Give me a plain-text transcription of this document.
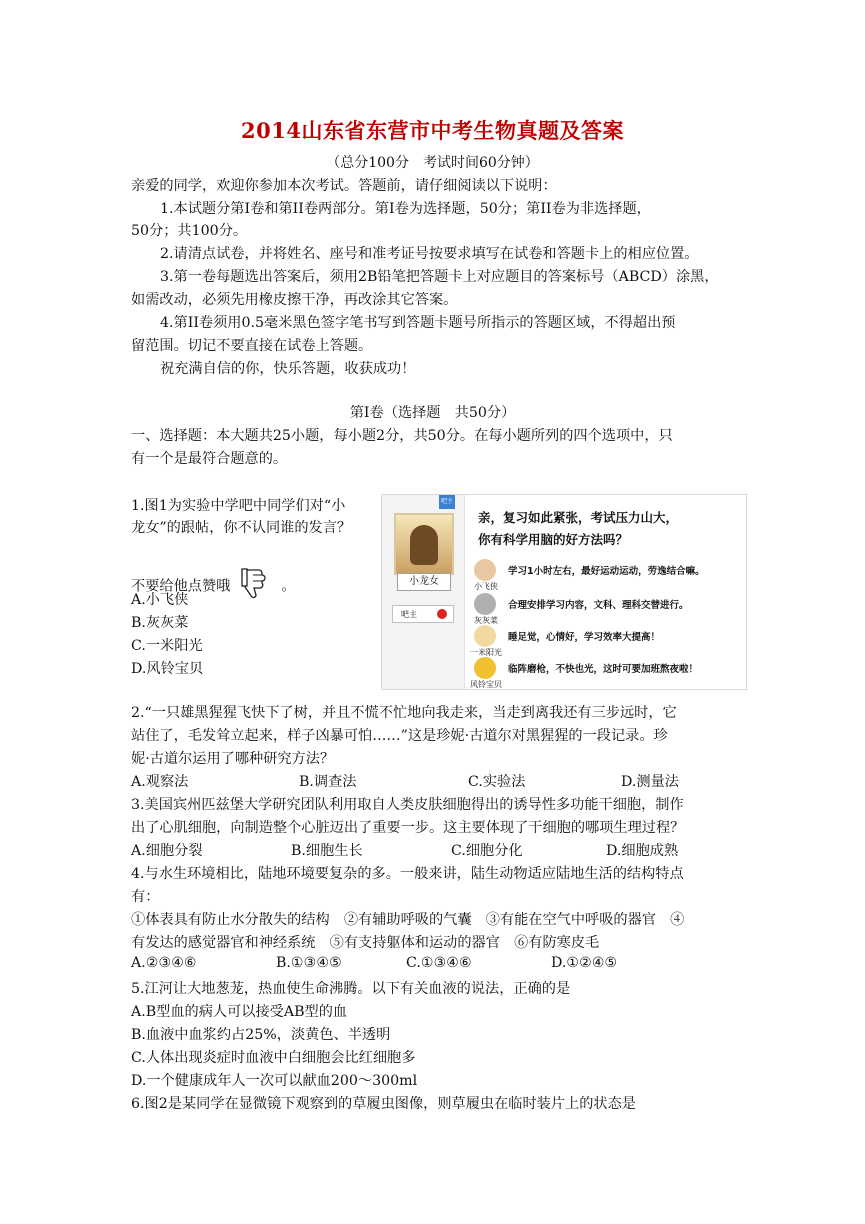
2014山东省东营市中考生物真题及答案
（总分100分　考试时间60分钟）
亲爱的同学，欢迎你参加本次考试。答题前，请仔细阅读以下说明：
1.本试题分第Ⅰ卷和第II卷两部分。第Ⅰ卷为选择题，50分；第II卷为非选择题，
50分；共100分。
2.请清点试卷，并将姓名、座号和准考证号按要求填写在试卷和答题卡上的相应位置。
3.第一卷每题选出答案后，须用2B铅笔把答题卡上对应题目的答案标号（ABCD）涂黑，
如需改动，必须先用橡皮擦干净，再改涂其它答案。
4.第II卷须用0.5毫米黑色签字笔书写到答题卡题号所指示的答题区域，不得超出预
留范围。切记不要直接在试卷上答题。
祝充满自信的你，快乐答题，收获成功！
第Ⅰ卷（选择题　共50分）
一、选择题：本大题共25小题，每小题2分，共50分。在每小题所列的四个选项中，只
有一个是最符合题意的。
1.图1为实验中学吧中同学们对“小
龙女”的跟帖，你不认同谁的发言？
不要给他点赞哦	。
A.小飞侠
B.灰灰菜
C.一米阳光
D.风铃宝贝
吧主
小龙女
吧主
亲，复习如此紧张，考试压力山大，
你有科学用脑的好方法吗？
小飞侠
学习1小时左右，最好运动运动，劳逸结合嘛。
灰灰菜
合理安排学习内容，文科、理科交替进行。
一米阳光
睡足觉，心情好，学习效率大提高！
风铃宝贝
临阵磨枪，不快也光，这时可要加班熬夜啦！
2.“一只雄黑猩猩飞快下了树，并且不慌不忙地向我走来，当走到离我还有三步远时，它
站住了，毛发耸立起来，样子凶暴可怕……”这是珍妮·古道尔对黑猩猩的一段记录。珍
妮·古道尔运用了哪种研究方法？
A.观察法	B.调查法	C.实验法	D.测量法
3.美国宾州匹兹堡大学研究团队利用取自人类皮肤细胞得出的诱导性多功能干细胞，制作
出了心肌细胞，向制造整个心脏迈出了重要一步。这主要体现了干细胞的哪项生理过程？
A.细胞分裂	B.细胞生长	C.细胞分化	D.细胞成熟
4.与水生环境相比，陆地环境要复杂的多。一般来讲，陆生动物适应陆地生活的结构特点
有：
①体表具有防止水分散失的结构　②有辅助呼吸的气囊　③有能在空气中呼吸的器官　④
有发达的感觉器官和神经系统　⑤有支持躯体和运动的器官　⑥有防寒皮毛
A.②③④⑥	B.①③④⑤	C.①③④⑥	D.①②④⑤
5.江河让大地葱茏，热血使生命沸腾。以下有关血液的说法，正确的是
A.B型血的病人可以接受AB型的血
B.血液中血浆约占25%，淡黄色、半透明
C.人体出现炎症时血液中白细胞会比红细胞多
D.一个健康成年人一次可以献血200～300ml
6.图2是某同学在显微镜下观察到的草履虫图像，则草履虫在临时装片上的状态是
